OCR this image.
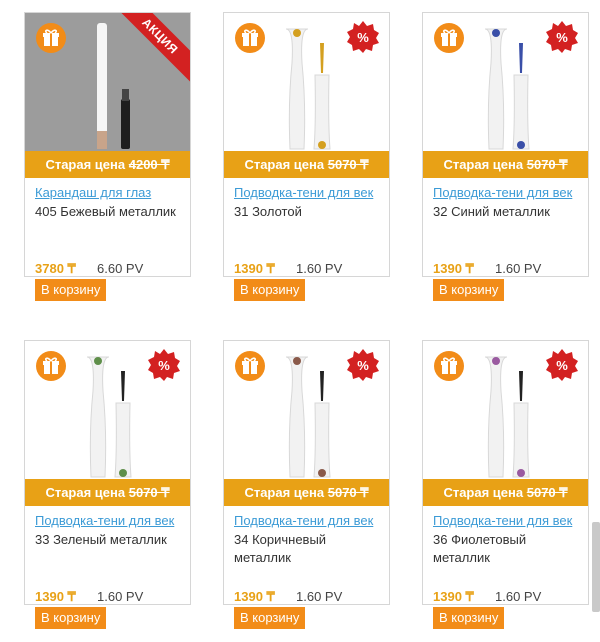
АКЦИЯ
Старая цена 4200 ₸
Карандаш для глаз
405 Бежевый металлик
3780 ₸ 6.60 PV
В корзину
%
Старая цена 5070 ₸
Подводка-тени для век
31 Золотой
1390 ₸ 1.60 PV
В корзину
%
Старая цена 5070 ₸
Подводка-тени для век
32 Синий металлик
1390 ₸ 1.60 PV
В корзину
%
Старая цена 5070 ₸
Подводка-тени для век
33 Зеленый металлик
1390 ₸ 1.60 PV
В корзину
%
Старая цена 5070 ₸
Подводка-тени для век
34 Коричневый металлик
1390 ₸ 1.60 PV
В корзину
%
Старая цена 5070 ₸
Подводка-тени для век
36 Фиолетовый металлик
1390 ₸ 1.60 PV
В корзину
